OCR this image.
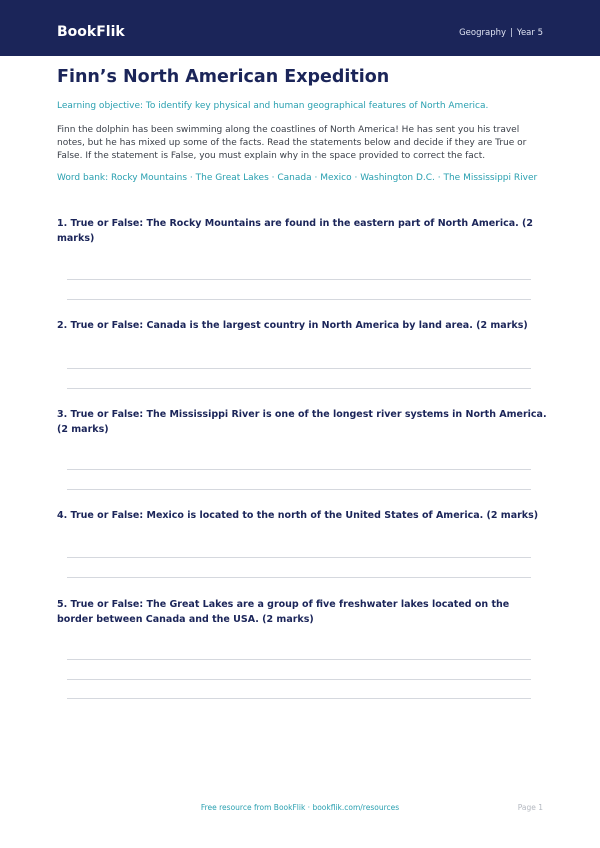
BookFlik	Geography | Year 5
Finn’s North American Expedition

Learning objective: To identify key physical and human geographical features of North America.

Finn the dolphin has been swimming along the coastlines of North America! He has sent you his travel notes, but he has mixed up some of the facts. Read the statements below and decide if they are True or False. If the statement is False, you must explain why in the space provided to correct the fact.

Word bank: Rocky Mountains · The Great Lakes · Canada · Mexico · Washington D.C. · The Mississippi River

1. True or False: The Rocky Mountains are found in the eastern part of North America. (2 marks)

2. True or False: Canada is the largest country in North America by land area. (2 marks)

3. True or False: The Mississippi River is one of the longest river systems in North America. (2 marks)

4. True or False: Mexico is located to the north of the United States of America. (2 marks)

5. True or False: The Great Lakes are a group of five freshwater lakes located on the border between Canada and the USA. (2 marks)

Free resource from BookFlik · bookflik.com/resources	Page 1
